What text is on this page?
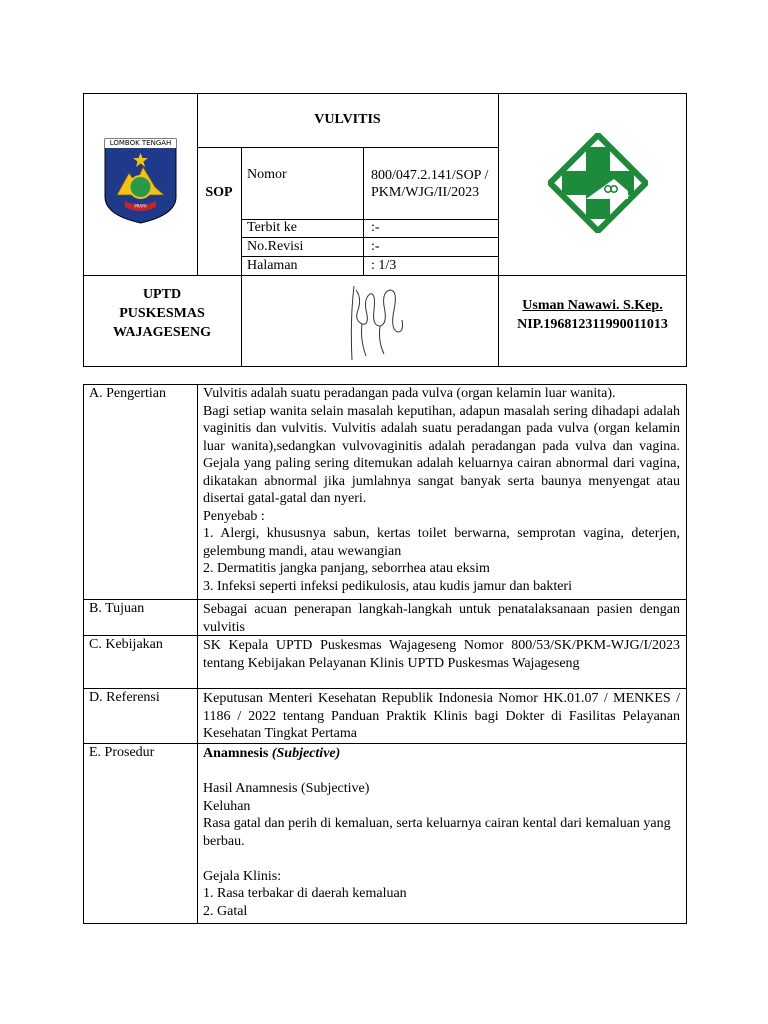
PRAYA
LOMBOK TENGAH
VULVITIS
SOP
Nomor	800/047.2.141/SOP /PKM/WJG/II/2023
Terbit ke	:-
No.Revisi	:-
Halaman	: 1/3
UPTD
PUSKESMAS
WAJAGESENG
Usman Nawawi. S.Kep.
NIP.196812311990011013
A. Pengertian	Vulvitis adalah suatu peradangan pada vulva (organ kelamin luar wanita).

Bagi setiap wanita selain masalah keputihan, adapun masalah sering dihadapi adalah vaginitis dan vulvitis. Vulvitis adalah suatu peradangan pada vulva (organ kelamin luar wanita),sedangkan vulvovaginitis adalah peradangan pada vulva dan vagina. Gejala yang paling sering ditemukan adalah keluarnya cairan abnormal dari vagina, dikatakan abnormal jika jumlahnya sangat banyak serta baunya menyengat atau disertai gatal-gatal dan nyeri.

Penyebab :

1. Alergi, khususnya sabun, kertas toilet berwarna, semprotan vagina, deterjen, gelembung mandi, atau wewangian

2. Dermatitis jangka panjang, seborrhea atau eksim

3. Infeksi seperti infeksi pedikulosis, atau kudis jamur dan bakteri

B. Tujuan	Sebagai acuan penerapan langkah-langkah untuk penatalaksanaan pasien dengan vulvitis
C. Kebijakan	SK Kepala UPTD Puskesmas Wajageseng Nomor 800/53/SK/PKM-WJG/I/2023 tentang Kebijakan Pelayanan Klinis UPTD Puskesmas Wajageseng
D. Referensi	Keputusan Menteri Kesehatan Republik Indonesia Nomor HK.01.07 / MENKES / 1186 / 2022 tentang Panduan Praktik Klinis bagi Dokter di Fasilitas Pelayanan Kesehatan Tingkat Pertama
E. Prosedur	Anamnesis (Subjective)

Hasil Anamnesis (Subjective)

Keluhan

Rasa gatal dan perih di kemaluan, serta keluarnya cairan kental dari kemaluan yang berbau.

Gejala Klinis:

1. Rasa terbakar di daerah kemaluan

2. Gatal
